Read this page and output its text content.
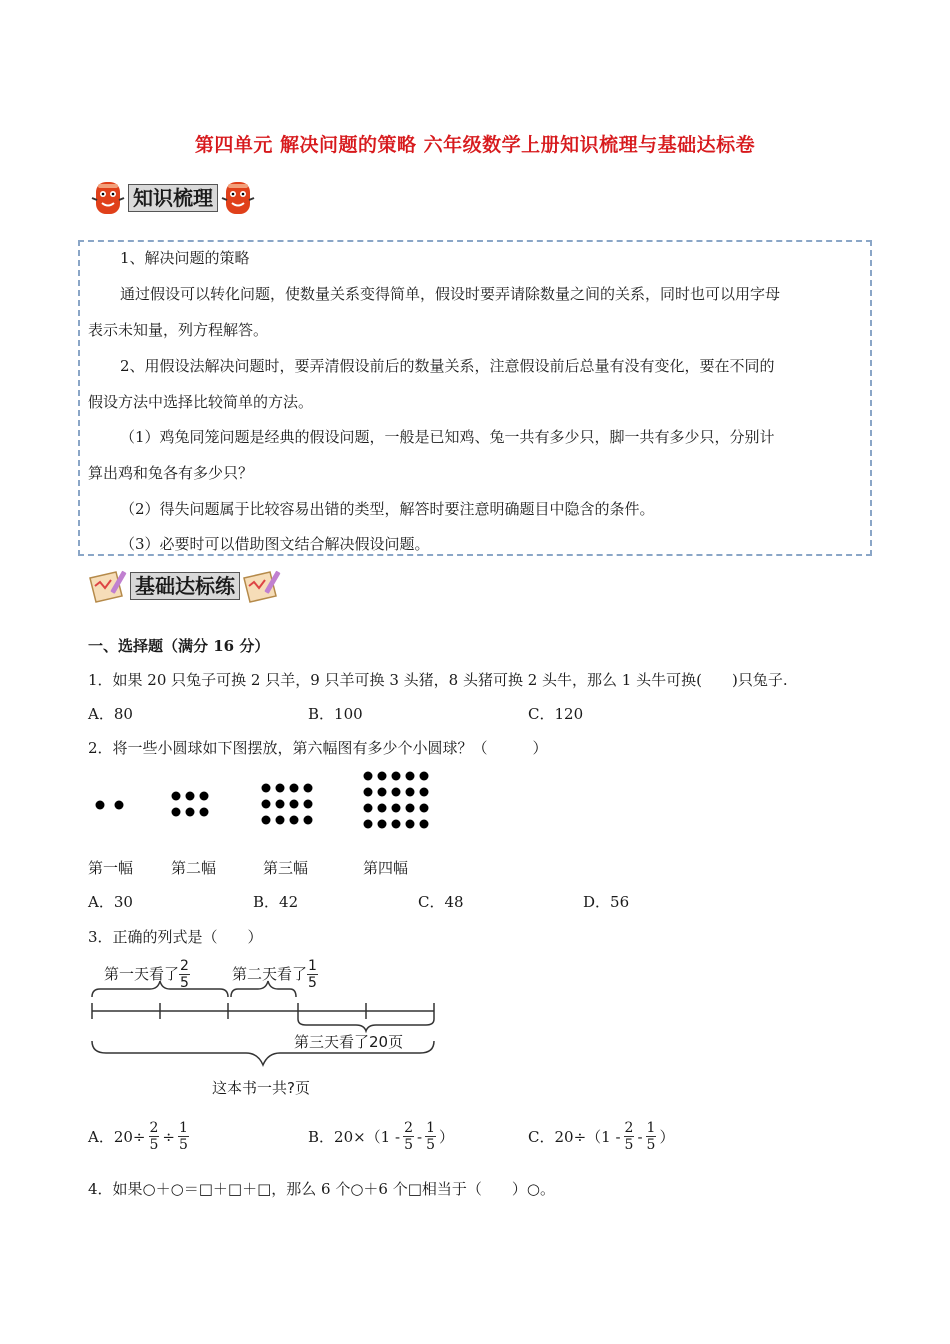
第四单元 解决问题的策略 六年级数学上册知识梳理与基础达标卷
知识梳理
1、解决问题的策略
通过假设可以转化问题，使数量关系变得简单，假设时要弄请除数量之间的关系，同时也可以用字母
表示未知量，列方程解答。
2、用假设法解决问题时，要弄清假设前后的数量关系，注意假设前后总量有没有变化，要在不同的
假设方法中选择比较简单的方法。
（1）鸡兔同笼问题是经典的假设问题，一般是已知鸡、兔一共有多少只，脚一共有多少只，分别计
算出鸡和兔各有多少只？
（2）得失问题属于比较容易出错的类型，解答时要注意明确题目中隐含的条件。
（3）必要时可以借助图文结合解决假设问题。
基础达标练
一、选择题（满分 16 分）
1．如果 20 只兔子可换 2 只羊，9 只羊可换 3 头猪，8 头猪可换 2 头牛，那么 1 头牛可换(　　)只兔子.
A．80	B．100	C．120
2．将一些小圆球如下图摆放，第六幅图有多少个小圆球？（　　　）
第一幅	第二幅	第三幅	第四幅
A．30	B．42	C．48	D．56
3．正确的列式是（　　）
第一天看了 $\frac{2}{5}$	第二天看了 $\frac{1}{5}$
第三天看了20页
这本书一共?页
A．$20\div \frac{2}{5} \div \frac{1}{5}$	B．$20\times(1 - \frac{2}{5} - \frac{1}{5}$ ）	C．$20\div(1 - \frac{2}{5} - \frac{1}{5}$ ）
4．如果○＋○＝□＋□＋□，那么 6 个○＋6 个□相当于（　　）○。
